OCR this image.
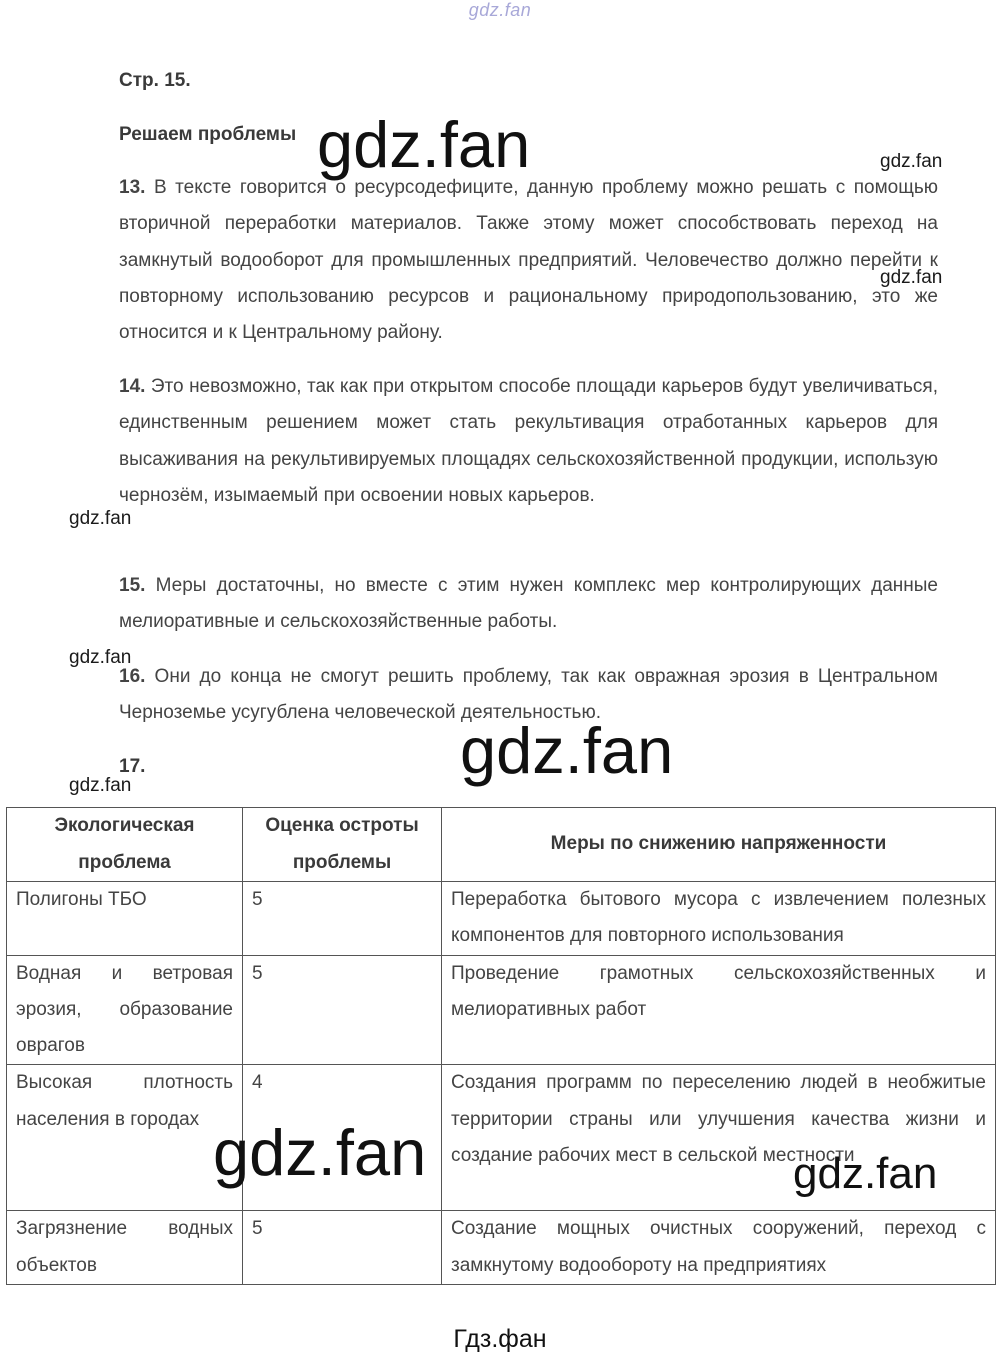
gdz.fan
Стр. 15.
Решаем проблемы
13. В тексте говорится о ресурсодефиците, данную проблему можно решать с помощью вторичной переработки материалов. Также этому может способствовать переход на замкнутый водооборот для промышленных предприятий. Человечество должно перейти к повторному использованию ресурсов и рациональному природопользованию, это же относится и к Центральному району.
14. Это невозможно, так как при открытом способе площади карьеров будут увеличиваться, единственным решением может стать рекультивация отработанных карьеров для высаживания на рекультивируемых площадях сельскохозяйственной продукции, использую чернозём, изымаемый при освоении новых карьеров.
15. Меры достаточны, но вместе с этим нужен комплекс мер контролирующих данные мелиоративные и сельскохозяйственные работы.
16. Они до конца не смогут решить проблему, так как овражная эрозия в Центральном Черноземье усугублена человеческой деятельностью.
17.
Экологическая проблема	Оценка остроты проблемы	Меры по снижению напряженности
Полигоны ТБО	5	Переработка бытового мусора с извлечением полезных компонентов для повторного использования
Водная и ветровая эрозия, образование оврагов	5	Проведение грамотных сельскохозяйственных и мелиоративных работ
Высокая плотность населения в городах	4	Создания программ по переселению людей в необжитые территории страны или улучшения качества жизни и создание рабочих мест в сельской местности
Загрязнение водных объектов	5	Создание мощных очистных сооружений, переход с замкнутому водообороту на предприятиях
gdz.fan	gdz.fan
gdz.fan
gdz.fan
gdz.fan
gdz.fan
gdz.fan
gdz.fan	gdz.fan
Гдз.фан
